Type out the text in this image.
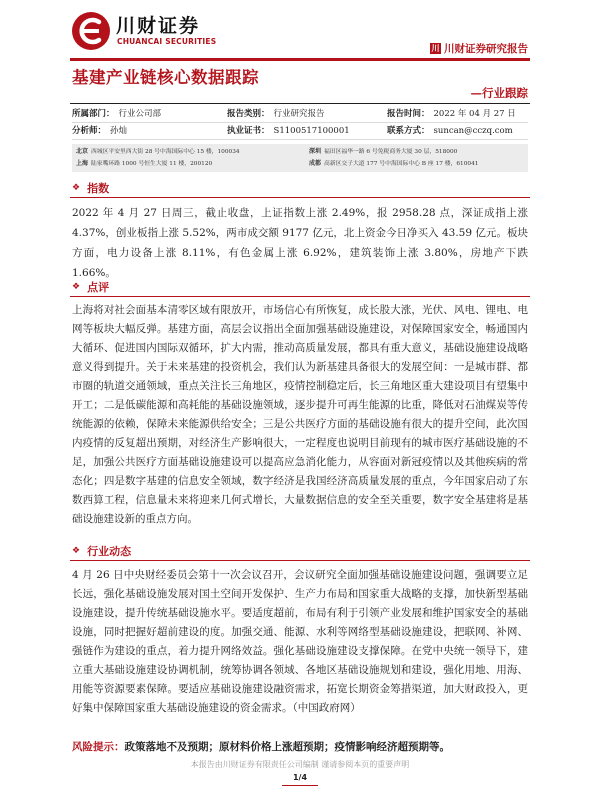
川财证券
CHUANCAI SECURITIES
川 川财证券研究报告
基建产业链核心数据跟踪
—行业跟踪
所属部门： 行业公司部	报告类别： 行业研究报告	报告时间： 2022 年 04 月 27 日
分析师： 孙灿	执业证书： S1100517100001	联系方式： suncan@cczq.com
北京 西城区平安里西大街 28 号中海国际中心 15 楼，100034	深圳 福田区福华一路 6 号免税商务大厦 30 层，518000
上海 陆家嘴环路 1000 号恒生大厦 11 楼，200120	成都 高新区交子大道 177 号中海国际中心 B 座 17 楼，610041
❖ 指数
2022 年 4 月 27 日周三，截止收盘，上证指数上涨 2.49%，报 2958.28 点，深证成指上涨 4.37%，创业板指上涨 5.52%，两市成交额 9177 亿元，北上资金今日净买入 43.59 亿元。板块方面，电力设备上涨 8.11%，有色金属上涨 6.92%，建筑装饰上涨 3.80%，房地产下跌 1.66%。
❖ 点评
上海将对社会面基本清零区域有限放开，市场信心有所恢复，成长股大涨，光伏、风电、锂电、电网等板块大幅反弹。基建方面，高层会议指出全面加强基础设施建设，对保障国家安全，畅通国内大循环、促进国内国际双循环，扩大内需，推动高质量发展，都具有重大意义，基础设施建设战略意义得到提升。关于未来基建的投资机会，我们认为新基建具备很大的发展空间：一是城市群、都市圈的轨道交通领域，重点关注长三角地区，疫情控制稳定后，长三角地区重大建设项目有望集中开工；二是低碳能源和高耗能的基础设施领域，逐步提升可再生能源的比重，降低对石油煤炭等传统能源的依赖，保障未来能源供给安全；三是公共医疗方面的基础设施有很大的提升空间，此次国内疫情的反复超出预期，对经济生产影响很大，一定程度也说明目前现有的城市医疗基础设施的不足，加强公共医疗方面基础设施建设可以提高应急消化能力，从容面对新冠疫情以及其他疾病的常态化；四是数字基建的信息安全领域，数字经济是我国经济高质量发展的重点，今年国家启动了东数西算工程，信息量未来将迎来几何式增长，大量数据信息的安全至关重要，数字安全基建将是基础设施建设新的重点方向。
❖ 行业动态
4 月 26 日中央财经委员会第十一次会议召开，会议研究全面加强基础设施建设问题，强调要立足长远，强化基础设施发展对国土空间开发保护、生产力布局和国家重大战略的支撑，加快新型基础设施建设，提升传统基础设施水平。要适度超前，布局有利于引领产业发展和维护国家安全的基础设施，同时把握好超前建设的度。加强交通、能源、水利等网络型基础设施建设，把联网、补网、强链作为建设的重点，着力提升网络效益。强化基础设施建设支撑保障。在党中央统一领导下，建立重大基础设施建设协调机制，统筹协调各领域、各地区基础设施规划和建设，强化用地、用海、用能等资源要素保障。要适应基础设施建设融资需求，拓宽长期资金筹措渠道，加大财政投入，更好集中保障国家重大基础设施建设的资金需求。（中国政府网）
风险提示：政策落地不及预期；原材料价格上涨超预期；疫情影响经济超预期等。
本报告由川财证券有限责任公司编制 谨请参阅本页的重要声明
1/4
